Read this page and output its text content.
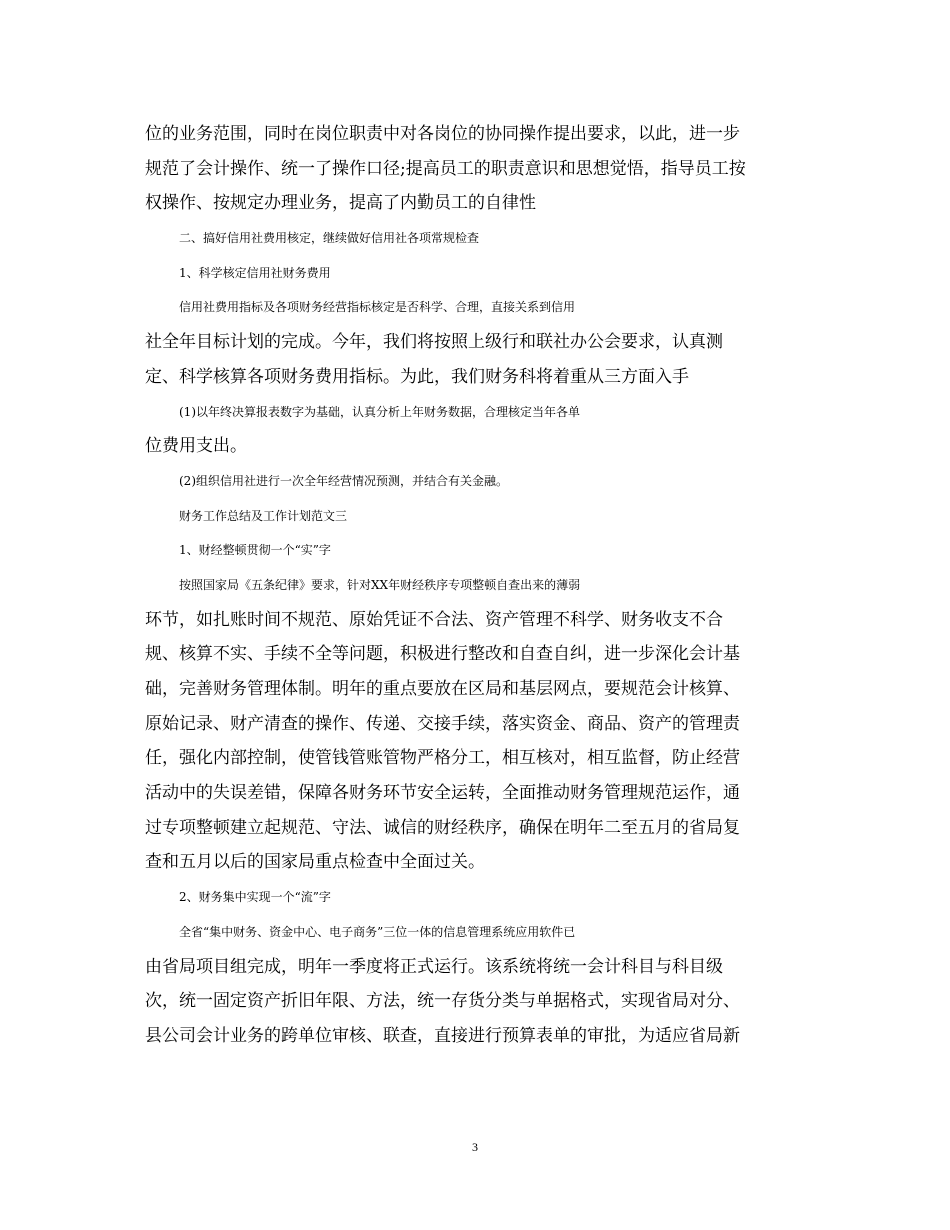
位的业务范围，同时在岗位职责中对各岗位的协同操作提出要求，以此，进一步
规范了会计操作、统一了操作口径;提高员工的职责意识和思想觉悟，指导员工按
权操作、按规定办理业务，提高了内勤员工的自律性
二、搞好信用社费用核定，继续做好信用社各项常规检查
1、科学核定信用社财务费用
信用社费用指标及各项财务经营指标核定是否科学、合理，直接关系到信用
社全年目标计划的完成。今年，我们将按照上级行和联社办公会要求，认真测
定、科学核算各项财务费用指标。为此，我们财务科将着重从三方面入手
(1)以年终决算报表数字为基础，认真分析上年财务数据，合理核定当年各单
位费用支出。
(2)组织信用社进行一次全年经营情况预测，并结合有关金融。
财务工作总结及工作计划范文三
1、财经整顿贯彻一个“实”字
按照国家局《五条纪律》要求，针对XX年财经秩序专项整顿自查出来的薄弱
环节，如扎账时间不规范、原始凭证不合法、资产管理不科学、财务收支不合
规、核算不实、手续不全等问题，积极进行整改和自查自纠，进一步深化会计基
础，完善财务管理体制。明年的重点要放在区局和基层网点，要规范会计核算、
原始记录、财产清查的操作、传递、交接手续，落实资金、商品、资产的管理责
任，强化内部控制，使管钱管账管物严格分工，相互核对，相互监督，防止经营
活动中的失误差错，保障各财务环节安全运转，全面推动财务管理规范运作，通
过专项整顿建立起规范、守法、诚信的财经秩序，确保在明年二至五月的省局复
查和五月以后的国家局重点检查中全面过关。
2、财务集中实现一个“流”字
全省“集中财务、资金中心、电子商务”三位一体的信息管理系统应用软件已
由省局项目组完成，明年一季度将正式运行。该系统将统一会计科目与科目级
次，统一固定资产折旧年限、方法，统一存货分类与单据格式，实现省局对分、
县公司会计业务的跨单位审核、联查，直接进行预算表单的审批，为适应省局新
3
